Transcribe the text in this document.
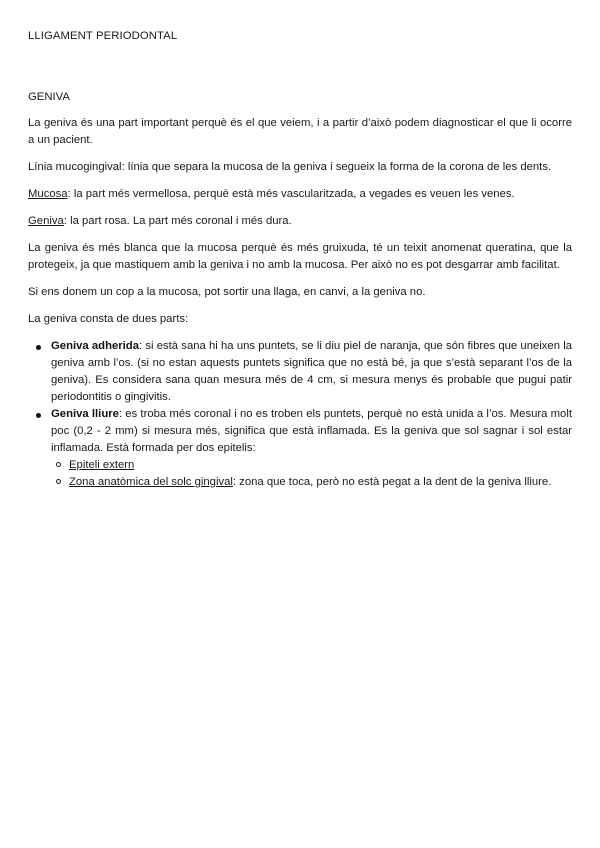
LLIGAMENT PERIODONTAL
GENIVA

La geniva és una part important perquè és el que veiem, i a partir d’això podem diagnosticar el que li ocorre a un pacient.

Línia mucogingival: línia que separa la mucosa de la geniva i segueix la forma de la corona de les dents.

Mucosa: la part més vermellosa, perquè està més vascularitzada, a vegades es veuen les venes.

Geniva: la part rosa. La part més coronal i més dura.

La geniva és més blanca que la mucosa perquè és més gruixuda, té un teixit anomenat queratina, que la protegeix, ja que mastiquem amb la geniva i no amb la mucosa. Per això no es pot desgarrar amb facilitat.

Si ens donem un cop a la mucosa, pot sortir una llaga, en canvi, a la geniva no.

La geniva consta de dues parts:

Geniva adherida: si està sana hi ha uns puntets, se li diu piel de naranja, que són fibres que uneixen la geniva amb l’os. (si no estan aquests puntets significa que no està bé, ja que s’està separant l’os de la geniva). Es considera sana quan mesura més de 4 cm, si mesura menys és probable que pugui patir periodontitis o gingivitis.
Geniva lliure: es troba més coronal i no es troben els puntets, perquè no està unida a l’os. Mesura molt poc (0,2 - 2 mm) si mesura més, significa que està inflamada. Es la geniva que sol sagnar i sol estar inflamada. Està formada per dos epitelis:
Epiteli extern
Zona anatòmica del solc gingival: zona que toca, però no està pegat a la dent de la geniva lliure.
